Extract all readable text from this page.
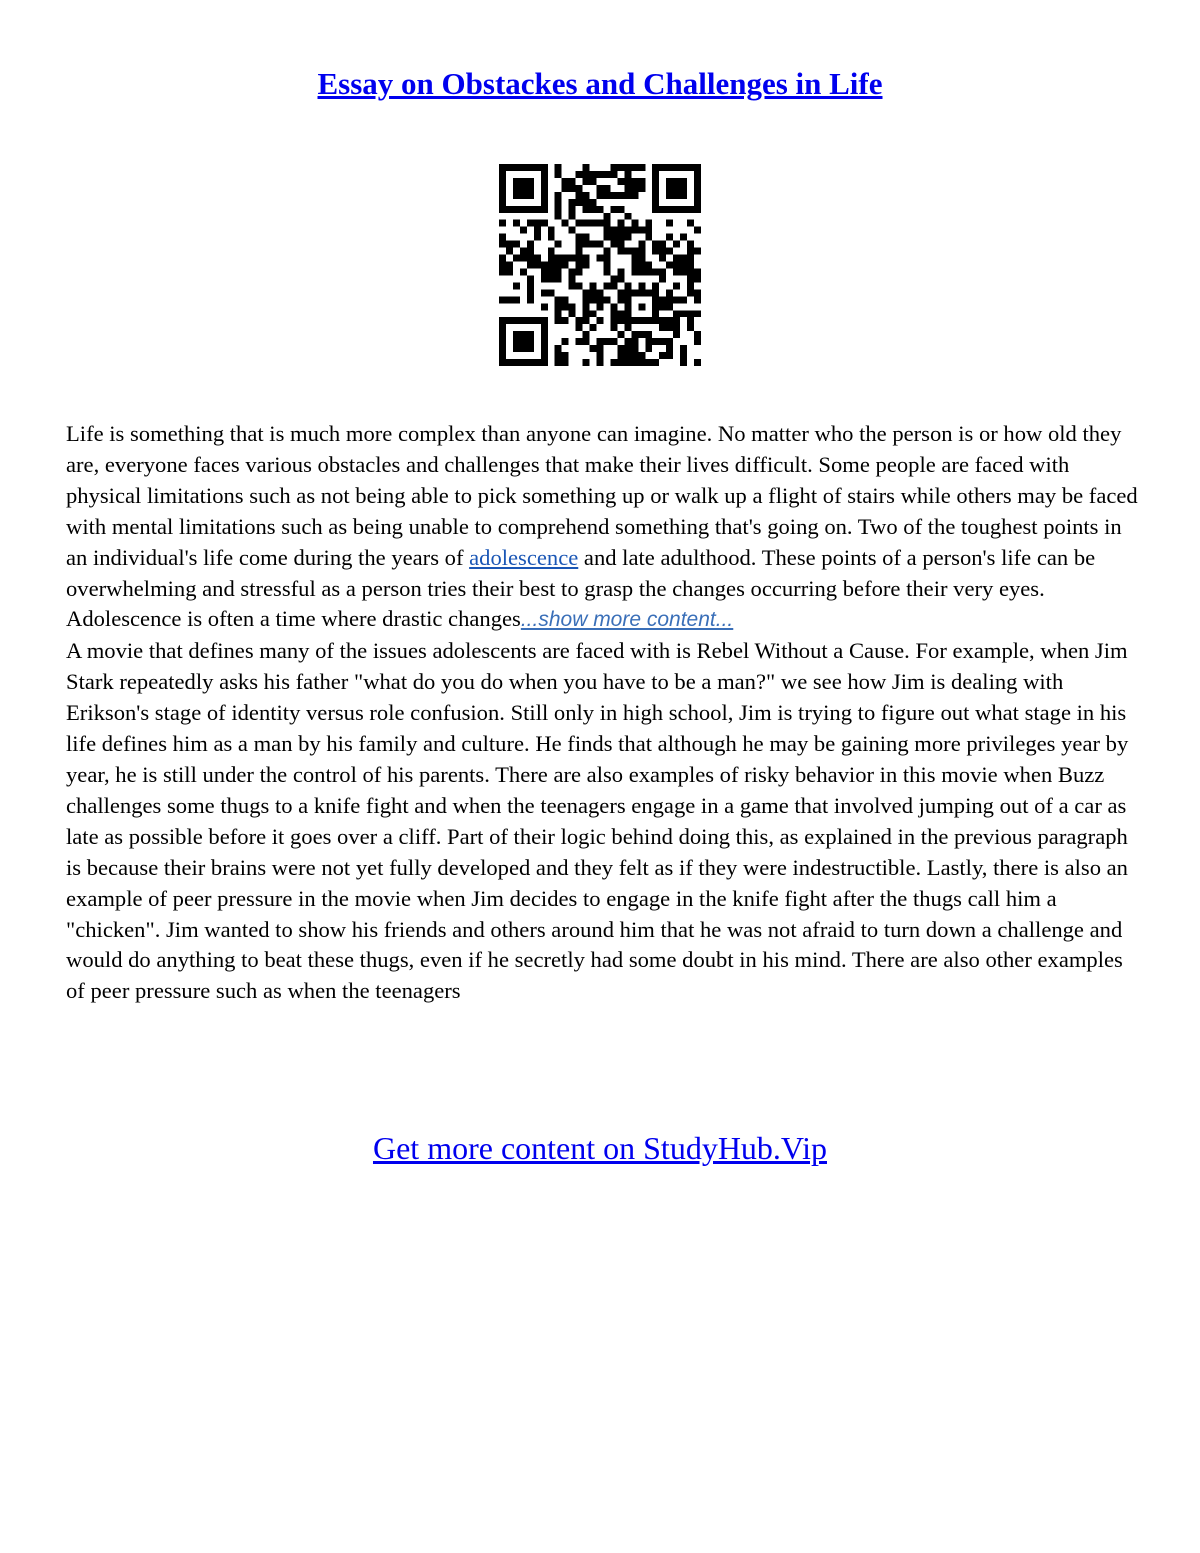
Essay on Obstackes and Challenges in Life

Life is something that is much more complex than anyone can imagine. No matter who the person is or how old they are, everyone faces various obstacles and challenges that make their lives difficult. Some people are faced with physical limitations such as not being able to pick something up or walk up a flight of stairs while others may be faced with mental limitations such as being unable to comprehend something that's going on. Two of the toughest points in an individual's life come during the years of adolescence and late adulthood. These points of a person's life can be overwhelming and stressful as a person tries their best to grasp the changes occurring before their very eyes. Adolescence is often a time where drastic changes...show more content...

A movie that defines many of the issues adolescents are faced with is Rebel Without a Cause. For example, when Jim Stark repeatedly asks his father "what do you do when you have to be a man?" we see how Jim is dealing with Erikson's stage of identity versus role confusion. Still only in high school, Jim is trying to figure out what stage in his life defines him as a man by his family and culture. He finds that although he may be gaining more privileges year by year, he is still under the control of his parents. There are also examples of risky behavior in this movie when Buzz challenges some thugs to a knife fight and when the teenagers engage in a game that involved jumping out of a car as late as possible before it goes over a cliff. Part of their logic behind doing this, as explained in the previous paragraph is because their brains were not yet fully developed and they felt as if they were indestructible. Lastly, there is also an example of peer pressure in the movie when Jim decides to engage in the knife fight after the thugs call him a "chicken". Jim wanted to show his friends and others around him that he was not afraid to turn down a challenge and would do anything to beat these thugs, even if he secretly had some doubt in his mind. There are also other examples of peer pressure such as when the teenagers

Get more content on StudyHub.Vip
